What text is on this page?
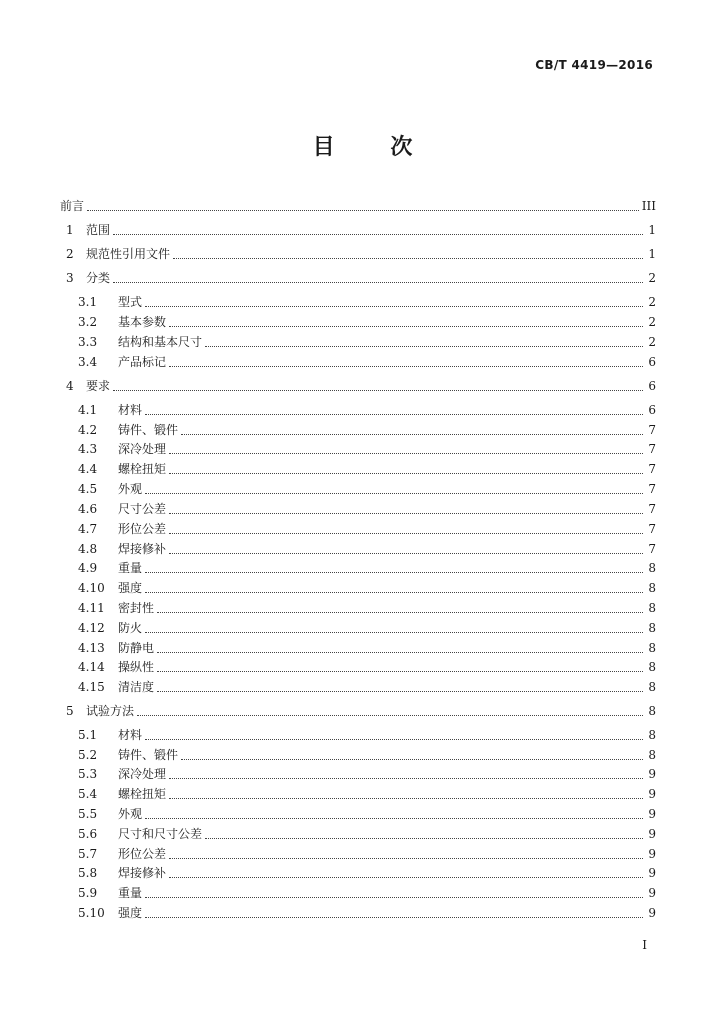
CB/T 4419—2016
目 次
前言	III
1	范围	1
2	规范性引用文件	1
3	分类	2
3.1	型式	2
3.2	基本参数	2
3.3	结构和基本尺寸	2
3.4	产品标记	6
4	要求	6
4.1	材料	6
4.2	铸件、锻件	7
4.3	深冷处理	7
4.4	螺栓扭矩	7
4.5	外观	7
4.6	尺寸公差	7
4.7	形位公差	7
4.8	焊接修补	7
4.9	重量	8
4.10	强度	8
4.11	密封性	8
4.12	防火	8
4.13	防静电	8
4.14	操纵性	8
4.15	清洁度	8
5	试验方法	8
5.1	材料	8
5.2	铸件、锻件	8
5.3	深冷处理	9
5.4	螺栓扭矩	9
5.5	外观	9
5.6	尺寸和尺寸公差	9
5.7	形位公差	9
5.8	焊接修补	9
5.9	重量	9
5.10	强度	9
I
